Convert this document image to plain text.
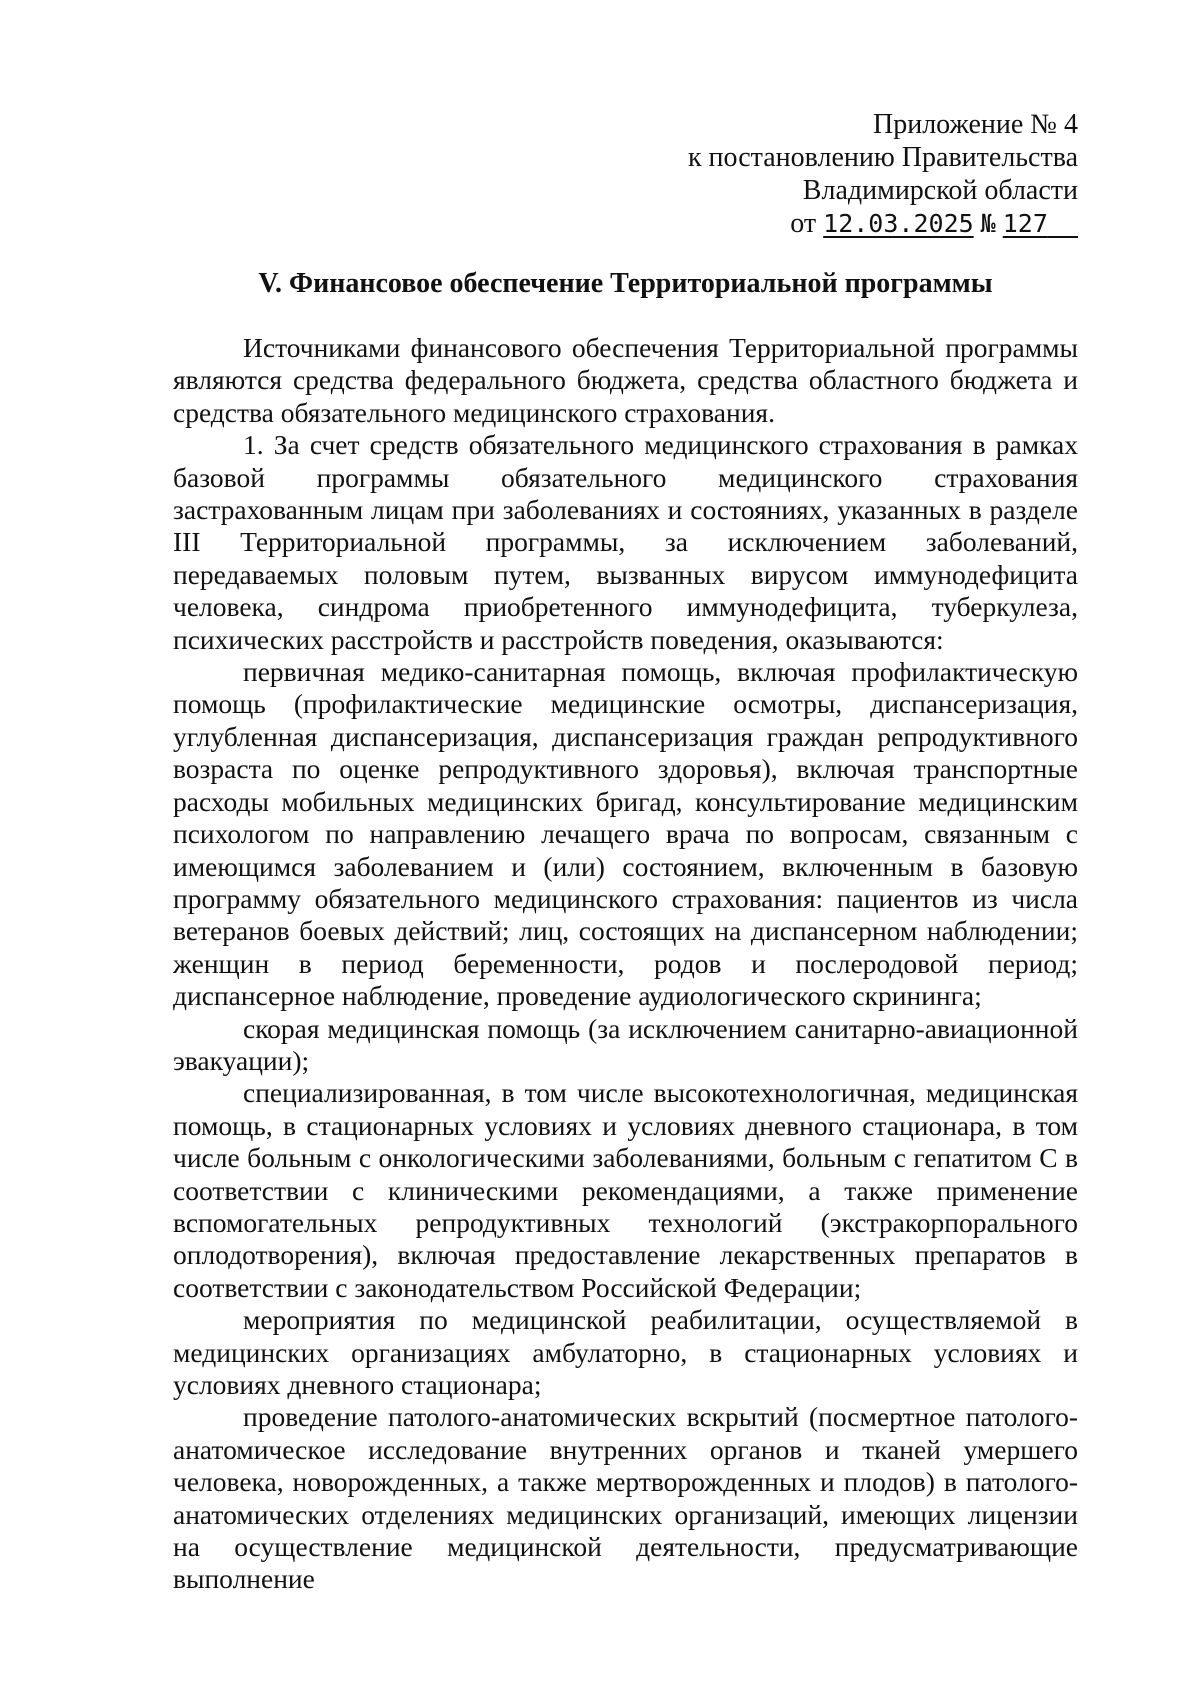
Приложение № 4
к постановлению Правительства
Владимирской области
от 12.03.2025 № 127
V. Финансовое обеспечение Территориальной программы

Источниками финансового обеспечения Территориальной программы являются средства федерального бюджета, средства областного бюджета и средства обязательного медицинского страхования.

1. За счет средств обязательного медицинского страхования в рамках базовой программы обязательного медицинского страхования застрахованным лицам при заболеваниях и состояниях, указанных в разделе III Территориальной программы, за исключением заболеваний, передаваемых половым путем, вызванных вирусом иммунодефицита человека, синдрома приобретенного иммунодефицита, туберкулеза, психических расстройств и расстройств поведения, оказываются:

первичная медико-санитарная помощь, включая профилактическую помощь (профилактические медицинские осмотры, диспансеризация, углубленная диспансеризация, диспансеризация граждан репродуктивного возраста по оценке репродуктивного здоровья), включая транспортные расходы мобильных медицинских бригад, консультирование медицинским психологом по направлению лечащего врача по вопросам, связанным с имеющимся заболеванием и (или) состоянием, включенным в базовую программу обязательного медицинского страхования: пациентов из числа ветеранов боевых действий; лиц, состоящих на диспансерном наблюдении; женщин в период беременности, родов и послеродовой период; диспансерное наблюдение, проведение аудиологического скрининга;

скорая медицинская помощь (за исключением санитарно-авиационной эвакуации);

специализированная, в том числе высокотехнологичная, медицинская помощь, в стационарных условиях и условиях дневного стационара, в том числе больным с онкологическими заболеваниями, больным с гепатитом С в соответствии с клиническими рекомендациями, а также применение вспомогательных репродуктивных технологий (экстракорпорального оплодотворения), включая предоставление лекарственных препаратов в соответствии с законодательством Российской Федерации;

мероприятия по медицинской реабилитации, осуществляемой в медицинских организациях амбулаторно, в стационарных условиях и условиях дневного стационара;

проведение патолого-анатомических вскрытий (посмертное патолого-анатомическое исследование внутренних органов и тканей умершего человека, новорожденных, а также мертворожденных и плодов) в патолого-анатомических отделениях медицинских организаций, имеющих лицензии на осуществление медицинской деятельности, предусматривающие выполнение
